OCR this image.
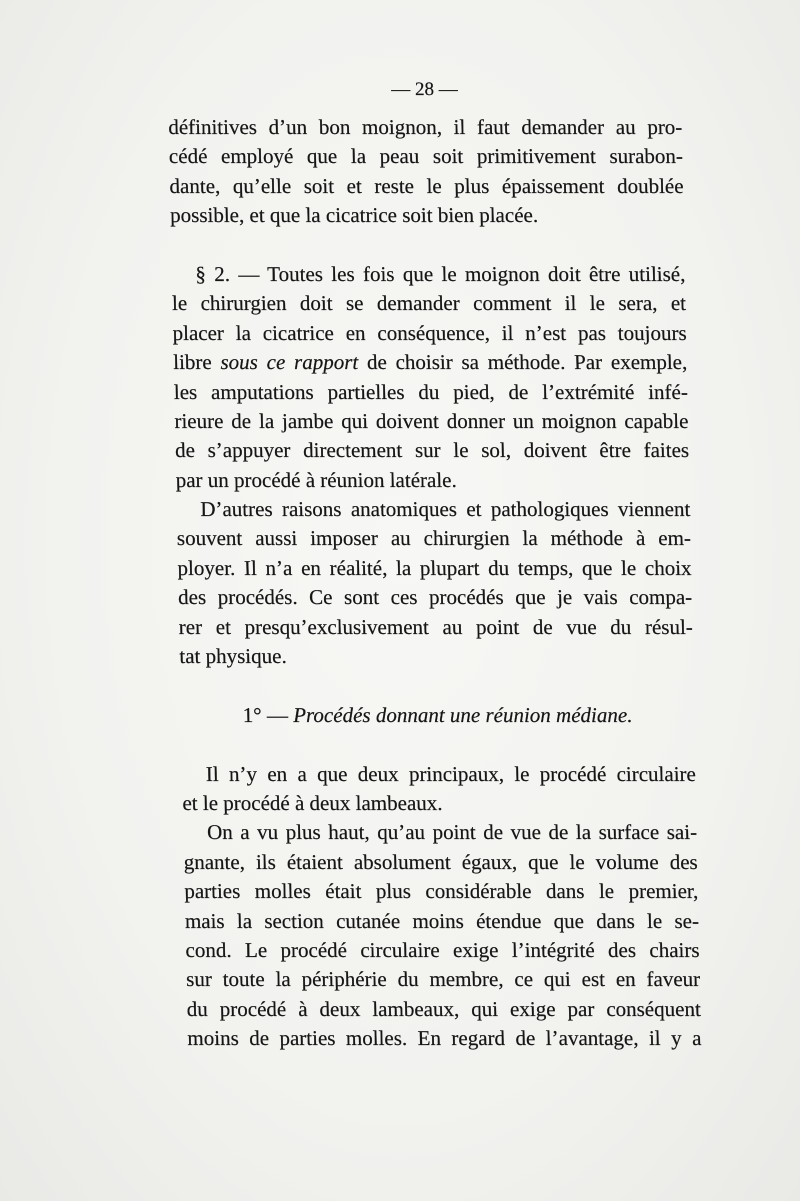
— 28 —
définitives d’un bon moignon, il faut demander au pro-
cédé employé que la peau soit primitivement surabon-
dante, qu’elle soit et reste le plus épaissement doublée
possible, et que la cicatrice soit bien placée.
§ 2. — Toutes les fois que le moignon doit être utilisé,
le chirurgien doit se demander comment il le sera, et
placer la cicatrice en conséquence, il n’est pas toujours
libre sous ce rapport de choisir sa méthode. Par exemple,
les amputations partielles du pied, de l’extrémité infé-
rieure de la jambe qui doivent donner un moignon capable
de s’appuyer directement sur le sol, doivent être faites
par un procédé à réunion latérale.
D’autres raisons anatomiques et pathologiques viennent
souvent aussi imposer au chirurgien la méthode à em-
ployer. Il n’a en réalité, la plupart du temps, que le choix
des procédés. Ce sont ces procédés que je vais compa-
rer et presqu’exclusivement au point de vue du résul-
tat physique.
1° — Procédés donnant une réunion médiane.
Il n’y en a que deux principaux, le procédé circulaire
et le procédé à deux lambeaux.
On a vu plus haut, qu’au point de vue de la surface sai-
gnante, ils étaient absolument égaux, que le volume des
parties molles était plus considérable dans le premier,
mais la section cutanée moins étendue que dans le se-
cond. Le procédé circulaire exige l’intégrité des chairs
sur toute la périphérie du membre, ce qui est en faveur
du procédé à deux lambeaux, qui exige par conséquent
moins de parties molles. En regard de l’avantage, il y a
